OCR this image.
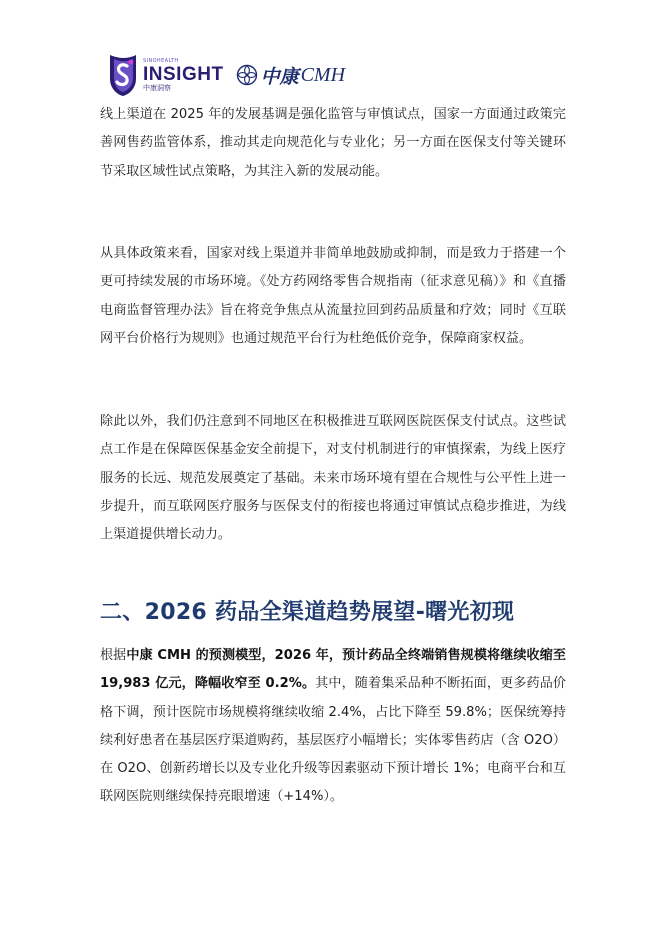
SINOHEALTH
INSIGHT
中康洞察	中康 CMH

线上渠道在 2025 年的发展基调是强化监管与审慎试点，国家一方面通过政策完善网售药监管体系，推动其走向规范化与专业化；另一方面在医保支付等关键环节采取区域性试点策略，为其注入新的发展动能。

从具体政策来看，国家对线上渠道并非简单地鼓励或抑制，而是致力于搭建一个更可持续发展的市场环境。《处方药网络零售合规指南（征求意见稿）》和《直播电商监督管理办法》旨在将竞争焦点从流量拉回到药品质量和疗效；同时《互联网平台价格行为规则》也通过规范平台行为杜绝低价竞争，保障商家权益。

除此以外，我们仍注意到不同地区在积极推进互联网医院医保支付试点。这些试点工作是在保障医保基金安全前提下，对支付机制进行的审慎探索，为线上医疗服务的长远、规范发展奠定了基础。未来市场环境有望在合规性与公平性上进一步提升，而互联网医疗服务与医保支付的衔接也将通过审慎试点稳步推进，为线上渠道提供增长动力。

二、2026 药品全渠道趋势展望-曙光初现

根据中康 CMH 的预测模型，2026 年，预计药品全终端销售规模将继续收缩至 19,983 亿元，降幅收窄至 0.2%。其中，随着集采品种不断拓面，更多药品价格下调，预计医院市场规模将继续收缩 2.4%，占比下降至 59.8%；医保统筹持续利好患者在基层医疗渠道购药，基层医疗小幅增长；实体零售药店（含 O2O）在 O2O、创新药增长以及专业化升级等因素驱动下预计增长 1%；电商平台和互联网医院则继续保持亮眼增速（+14%）。
